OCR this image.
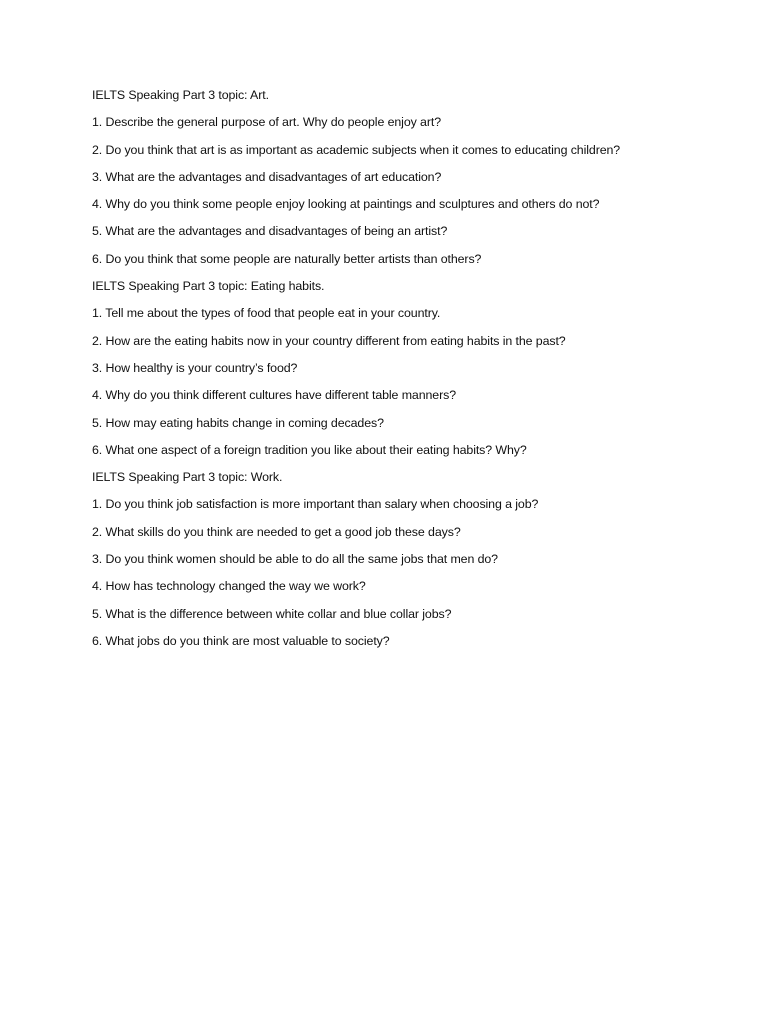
IELTS Speaking Part 3 topic: Art.
1. Describe the general purpose of art. Why do people enjoy art?
2. Do you think that art is as important as academic subjects when it comes to educating children?
3. What are the advantages and disadvantages of art education?
4. Why do you think some people enjoy looking at paintings and sculptures and others do not?
5. What are the advantages and disadvantages of being an artist?
6. Do you think that some people are naturally better artists than others?
IELTS Speaking Part 3 topic: Eating habits.
1. Tell me about the types of food that people eat in your country.
2. How are the eating habits now in your country different from eating habits in the past?
3. How healthy is your country’s food?
4. Why do you think different cultures have different table manners?
5. How may eating habits change in coming decades?
6. What one aspect of a foreign tradition you like about their eating habits? Why?
IELTS Speaking Part 3 topic: Work.
1. Do you think job satisfaction is more important than salary when choosing a job?
2. What skills do you think are needed to get a good job these days?
3. Do you think women should be able to do all the same jobs that men do?
4. How has technology changed the way we work?
5. What is the difference between white collar and blue collar jobs?
6. What jobs do you think are most valuable to society?
